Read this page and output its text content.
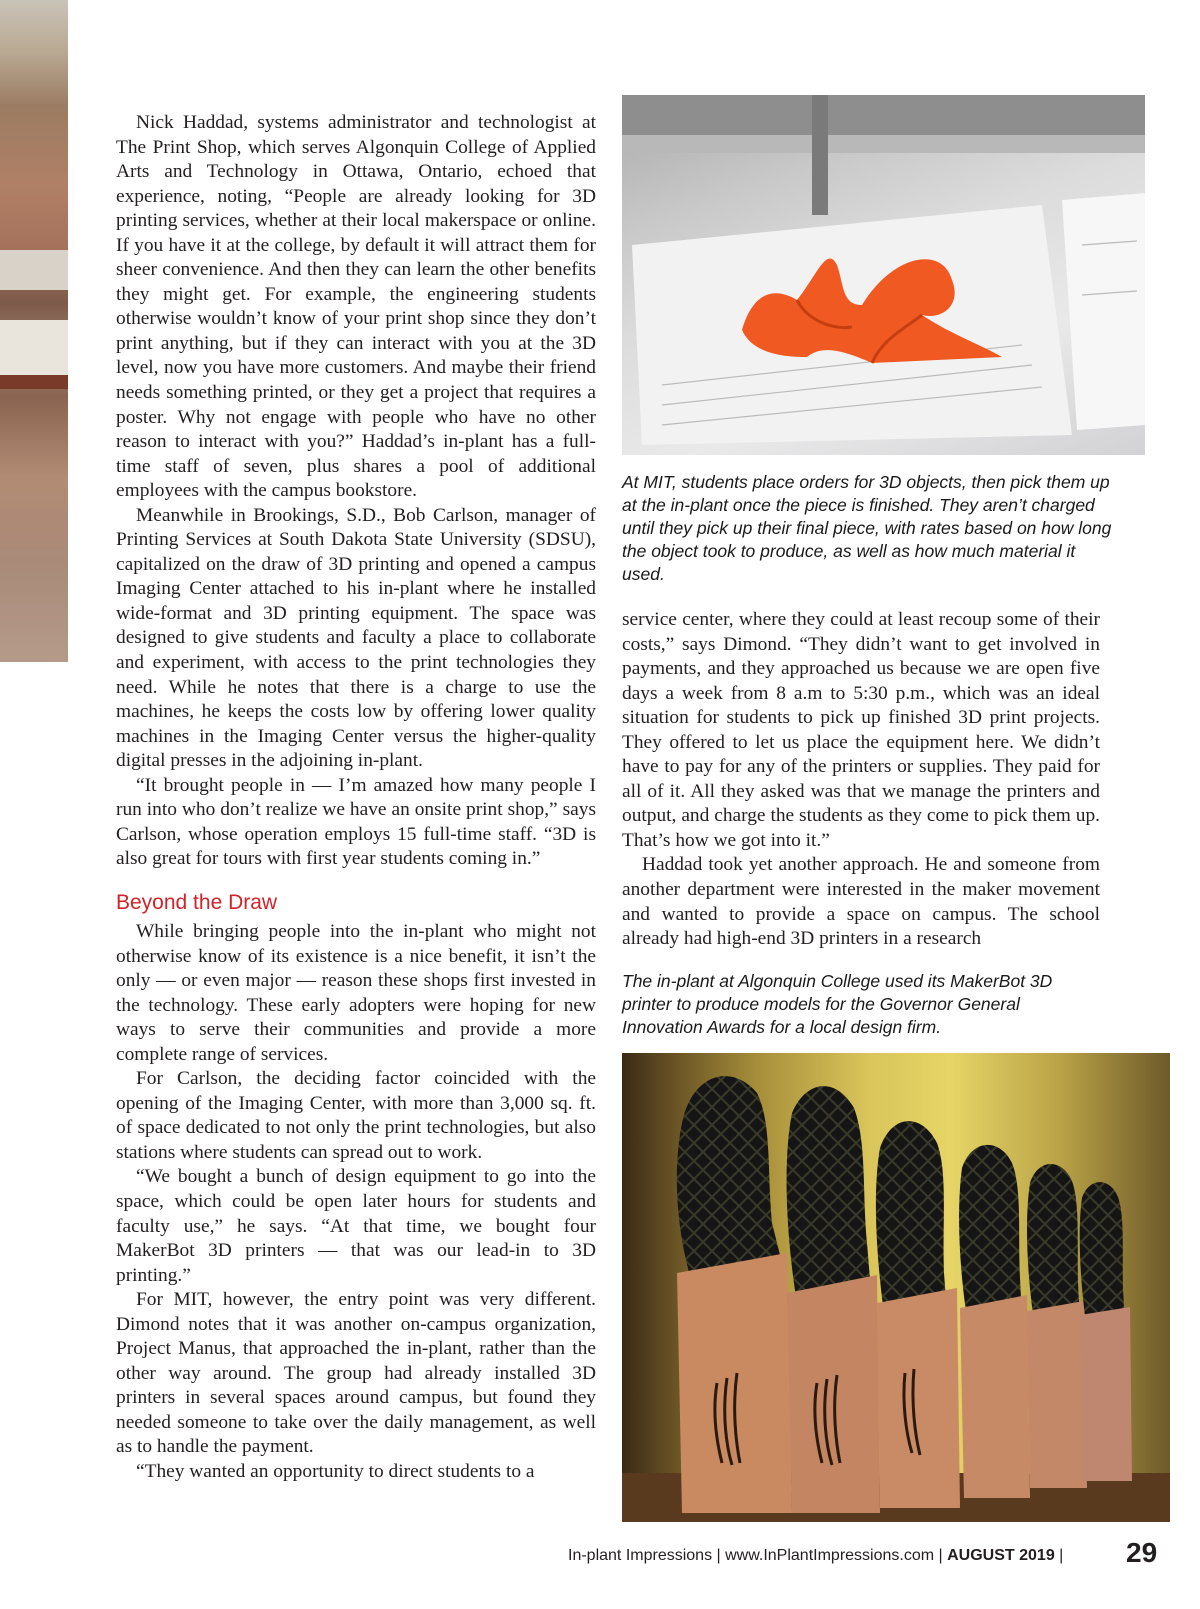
Nick Haddad, systems administrator and technologist at The Print Shop, which serves Algonquin College of Applied Arts and Technology in Ottawa, Ontario, echoed that experience, noting, “People are already looking for 3D printing services, whether at their local makerspace or online. If you have it at the college, by default it will attract them for sheer convenience. And then they can learn the other benefits they might get. For example, the engineering students otherwise wouldn’t know of your print shop since they don’t print anything, but if they can interact with you at the 3D level, now you have more customers. And maybe their friend needs something printed, or they get a project that requires a poster. Why not engage with people who have no other reason to interact with you?” Haddad’s in-plant has a full-time staff of seven, plus shares a pool of additional employees with the campus bookstore.

Meanwhile in Brookings, S.D., Bob Carlson, manager of Printing Services at South Dakota State University (SDSU), capitalized on the draw of 3D printing and opened a campus Imaging Center attached to his in-plant where he installed wide-format and 3D printing equipment. The space was designed to give students and faculty a place to collaborate and experiment, with access to the print technologies they need. While he notes that there is a charge to use the machines, he keeps the costs low by offering lower quality machines in the Imaging Center versus the higher-quality digital presses in the adjoining in-plant.

“It brought people in — I’m amazed how many people I run into who don’t realize we have an onsite print shop,” says Carlson, whose operation employs 15 full-time staff. “3D is also great for tours with first year students coming in.”

Beyond the Draw

While bringing people into the in-plant who might not otherwise know of its existence is a nice benefit, it isn’t the only — or even major — reason these shops first invested in the technology. These early adopters were hoping for new ways to serve their communities and provide a more complete range of services.

For Carlson, the deciding factor coincided with the opening of the Imaging Center, with more than 3,000 sq. ft. of space dedicated to not only the print technologies, but also stations where students can spread out to work.

“We bought a bunch of design equipment to go into the space, which could be open later hours for students and faculty use,” he says. “At that time, we bought four MakerBot 3D printers — that was our lead-in to 3D printing.”

For MIT, however, the entry point was very different. Dimond notes that it was another on-campus organization, Project Manus, that approached the in-plant, rather than the other way around. The group had already installed 3D printers in several spaces around campus, but found they needed someone to take over the daily management, as well as to handle the payment.

“They wanted an opportunity to direct students to a

At MIT, students place orders for 3D objects, then pick them up at the in-plant once the piece is finished. They aren’t charged until they pick up their final piece, with rates based on how long the object took to produce, as well as how much material it used.

service center, where they could at least recoup some of their costs,” says Dimond. “They didn’t want to get involved in payments, and they approached us because we are open five days a week from 8 a.m to 5:30 p.m., which was an ideal situation for students to pick up finished 3D print projects. They offered to let us place the equipment here. We didn’t have to pay for any of the printers or supplies. They paid for all of it. All they asked was that we manage the printers and output, and charge the students as they come to pick them up. That’s how we got into it.”

Haddad took yet another approach. He and someone from another department were interested in the maker movement and wanted to provide a space on campus. The school already had high-end 3D printers in a research

The in-plant at Algonquin College used its MakerBot 3D printer to produce models for the Governor General Innovation Awards for a local design firm.
In-plant Impressions | www.InPlantImpressions.com | AUGUST 2019 | 29
